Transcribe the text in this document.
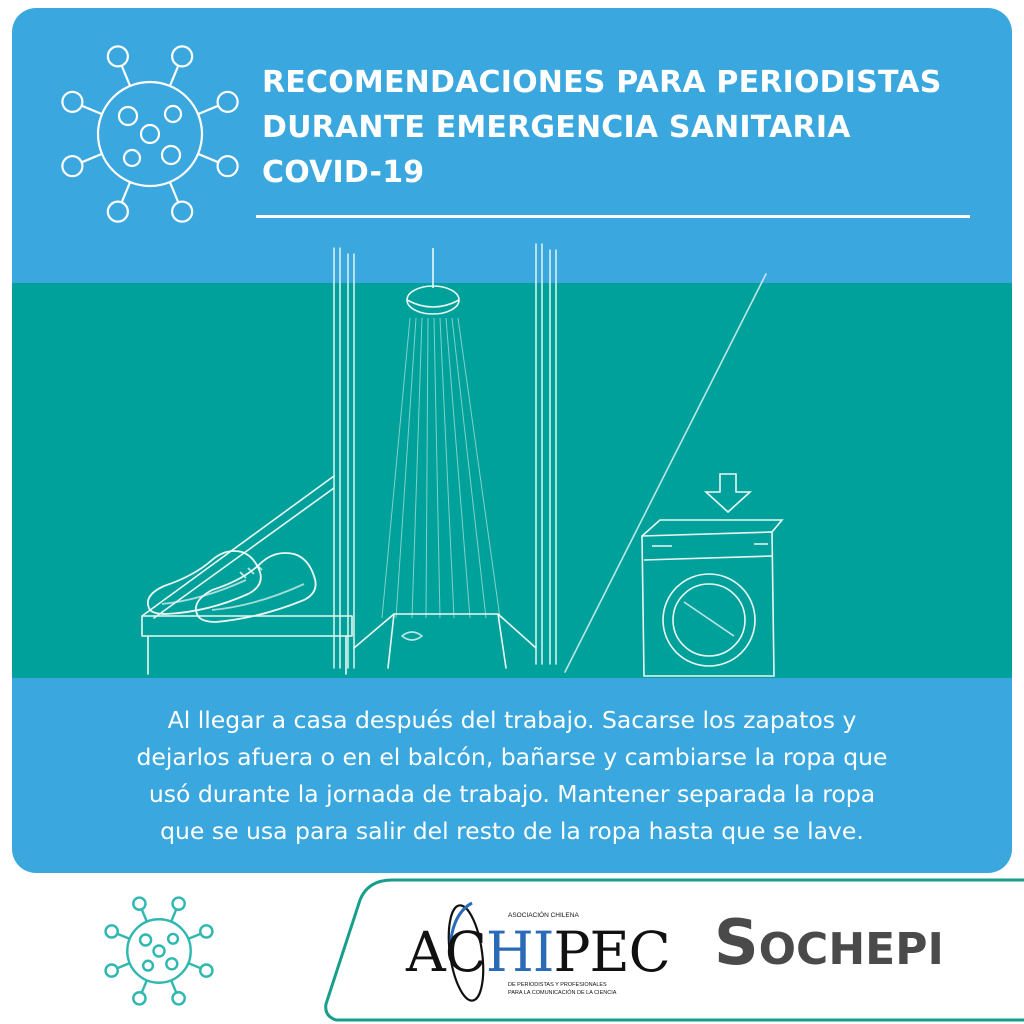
RECOMENDACIONES PARA PERIODISTAS
DURANTE EMERGENCIA SANITARIA
COVID-19

Al llegar a casa después del trabajo. Sacarse los zapatos y
dejarlos afuera o en el balcón, bañarse y cambiarse la ropa que
usó durante la jornada de trabajo. Mantener separada la ropa
que se usa para salir del resto de la ropa hasta que se lave.

ACHIPEC
ASOCIACIÓN CHILENA
DE PERIODISTAS Y PROFESIONALES
PARA LA COMUNICACIÓN DE LA CIENCIA
SOCHEPI
